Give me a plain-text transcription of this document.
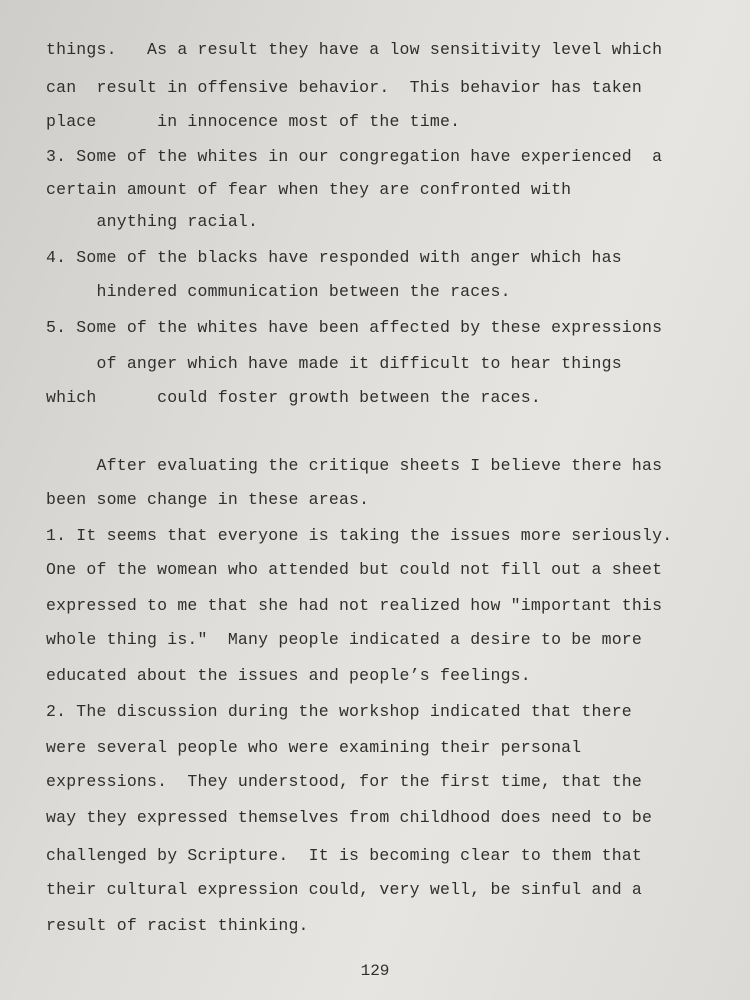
things.   As a result they have a low sensitivity level which
can  result in offensive behavior.  This behavior has taken
place      in innocence most of the time.
3. Some of the whites in our congregation have experienced  a
certain amount of fear when they are confronted with
anything racial.
4. Some of the blacks have responded with anger which has
hindered communication between the races.
5. Some of the whites have been affected by these expressions
of anger which have made it difficult to hear things
which      could foster growth between the races.
After evaluating the critique sheets I believe there has
been some change in these areas.
1. It seems that everyone is taking the issues more seriously.
One of the womean who attended but could not fill out a sheet
expressed to me that she had not realized how "important this
whole thing is."  Many people indicated a desire to be more
educated about the issues and people’s feelings.
2. The discussion during the workshop indicated that there
were several people who were examining their personal
expressions.  They understood, for the first time, that the
way they expressed themselves from childhood does need to be
challenged by Scripture.  It is becoming clear to them that
their cultural expression could, very well, be sinful and a
result of racist thinking.
129
